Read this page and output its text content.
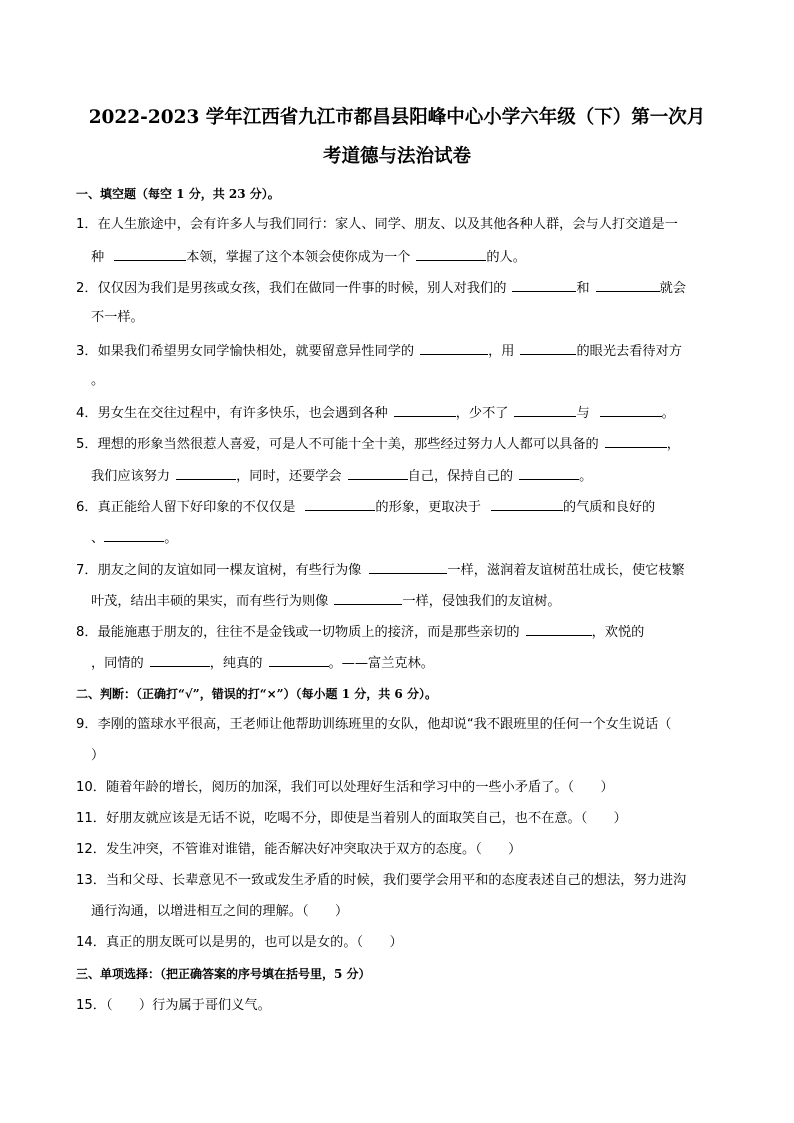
2022-2023 学年江西省九江市都昌县阳峰中心小学六年级（下）第一次月
考道德与法治试卷
一、填空题（每空 1 分，共 23 分）。
1．在人生旅途中，会有许多人与我们同行：家人、同学、朋友、以及其他各种人群，会与人打交道是一
种	本领，掌握了这个本领会使你成为一个	的人。
2．仅仅因为我们是男孩或女孩，我们在做同一件事的时候，别人对我们的	和	就会
不一样。
3．如果我们希望男女同学愉快相处，就要留意异性同学的	，用	的眼光去看待对方
。
4．男女生在交往过程中，有许多快乐，也会遇到各种	，少不了	与	。
5．理想的形象当然很惹人喜爱，可是人不可能十全十美，那些经过努力人人都可以具备的	，
我们应该努力	，同时，还要学会	自己，保持自己的	。
6．真正能给人留下好印象的不仅仅是	的形象，更取决于	的气质和良好的
、	。
7．朋友之间的友谊如同一棵友谊树，有些行为像	一样，滋润着友谊树茁壮成长，使它枝繁
叶茂，结出丰硕的果实，而有些行为则像	一样，侵蚀我们的友谊树。
8．最能施惠于朋友的，往往不是金钱或一切物质上的接济，而是那些亲切的	，欢悦的
，同情的	，纯真的	。——富兰克林。
二、判断：（正确打“√”，错误的打“×”）（每小题 1 分，共 6 分）。
9．李刚的篮球水平很高，王老师让他帮助训练班里的女队，他却说“我不跟班里的任何一个女生说话（
）
10．随着年龄的增长，阅历的加深，我们可以处理好生活和学习中的一些小矛盾了。（　　）
11．好朋友就应该是无话不说，吃喝不分，即使是当着别人的面取笑自己，也不在意。（　　）
12．发生冲突，不管谁对谁错，能否解决好冲突取决于双方的态度。（　　）
13．当和父母、长辈意见不一致或发生矛盾的时候，我们要学会用平和的态度表述自己的想法，努力进沟
通行沟通，以增进相互之间的理解。（　　）
14．真正的朋友既可以是男的，也可以是女的。（　　）
三、单项选择：（把正确答案的序号填在括号里，5 分）
15．（　　）行为属于哥们义气。
